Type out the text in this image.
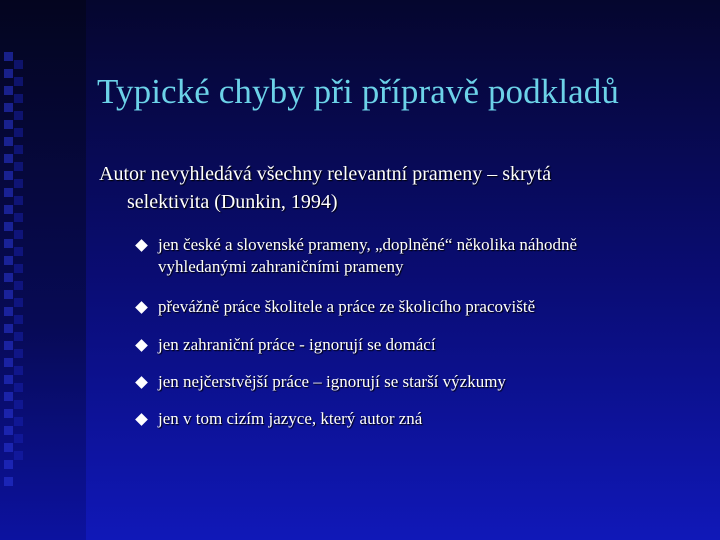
Typické chyby při přípravě podkladů
Autor nevyhledává všechny relevantní prameny – skrytá
selektivita (Dunkin, 1994)
jen české a slovenské prameny, „doplněné“ několika náhodně
vyhledanými zahraničními prameny
převážně práce školitele a práce ze školicího pracoviště
jen zahraniční práce - ignorují se domácí
jen nejčerstvější práce – ignorují se starší výzkumy
jen v tom cizím jazyce, který autor zná
